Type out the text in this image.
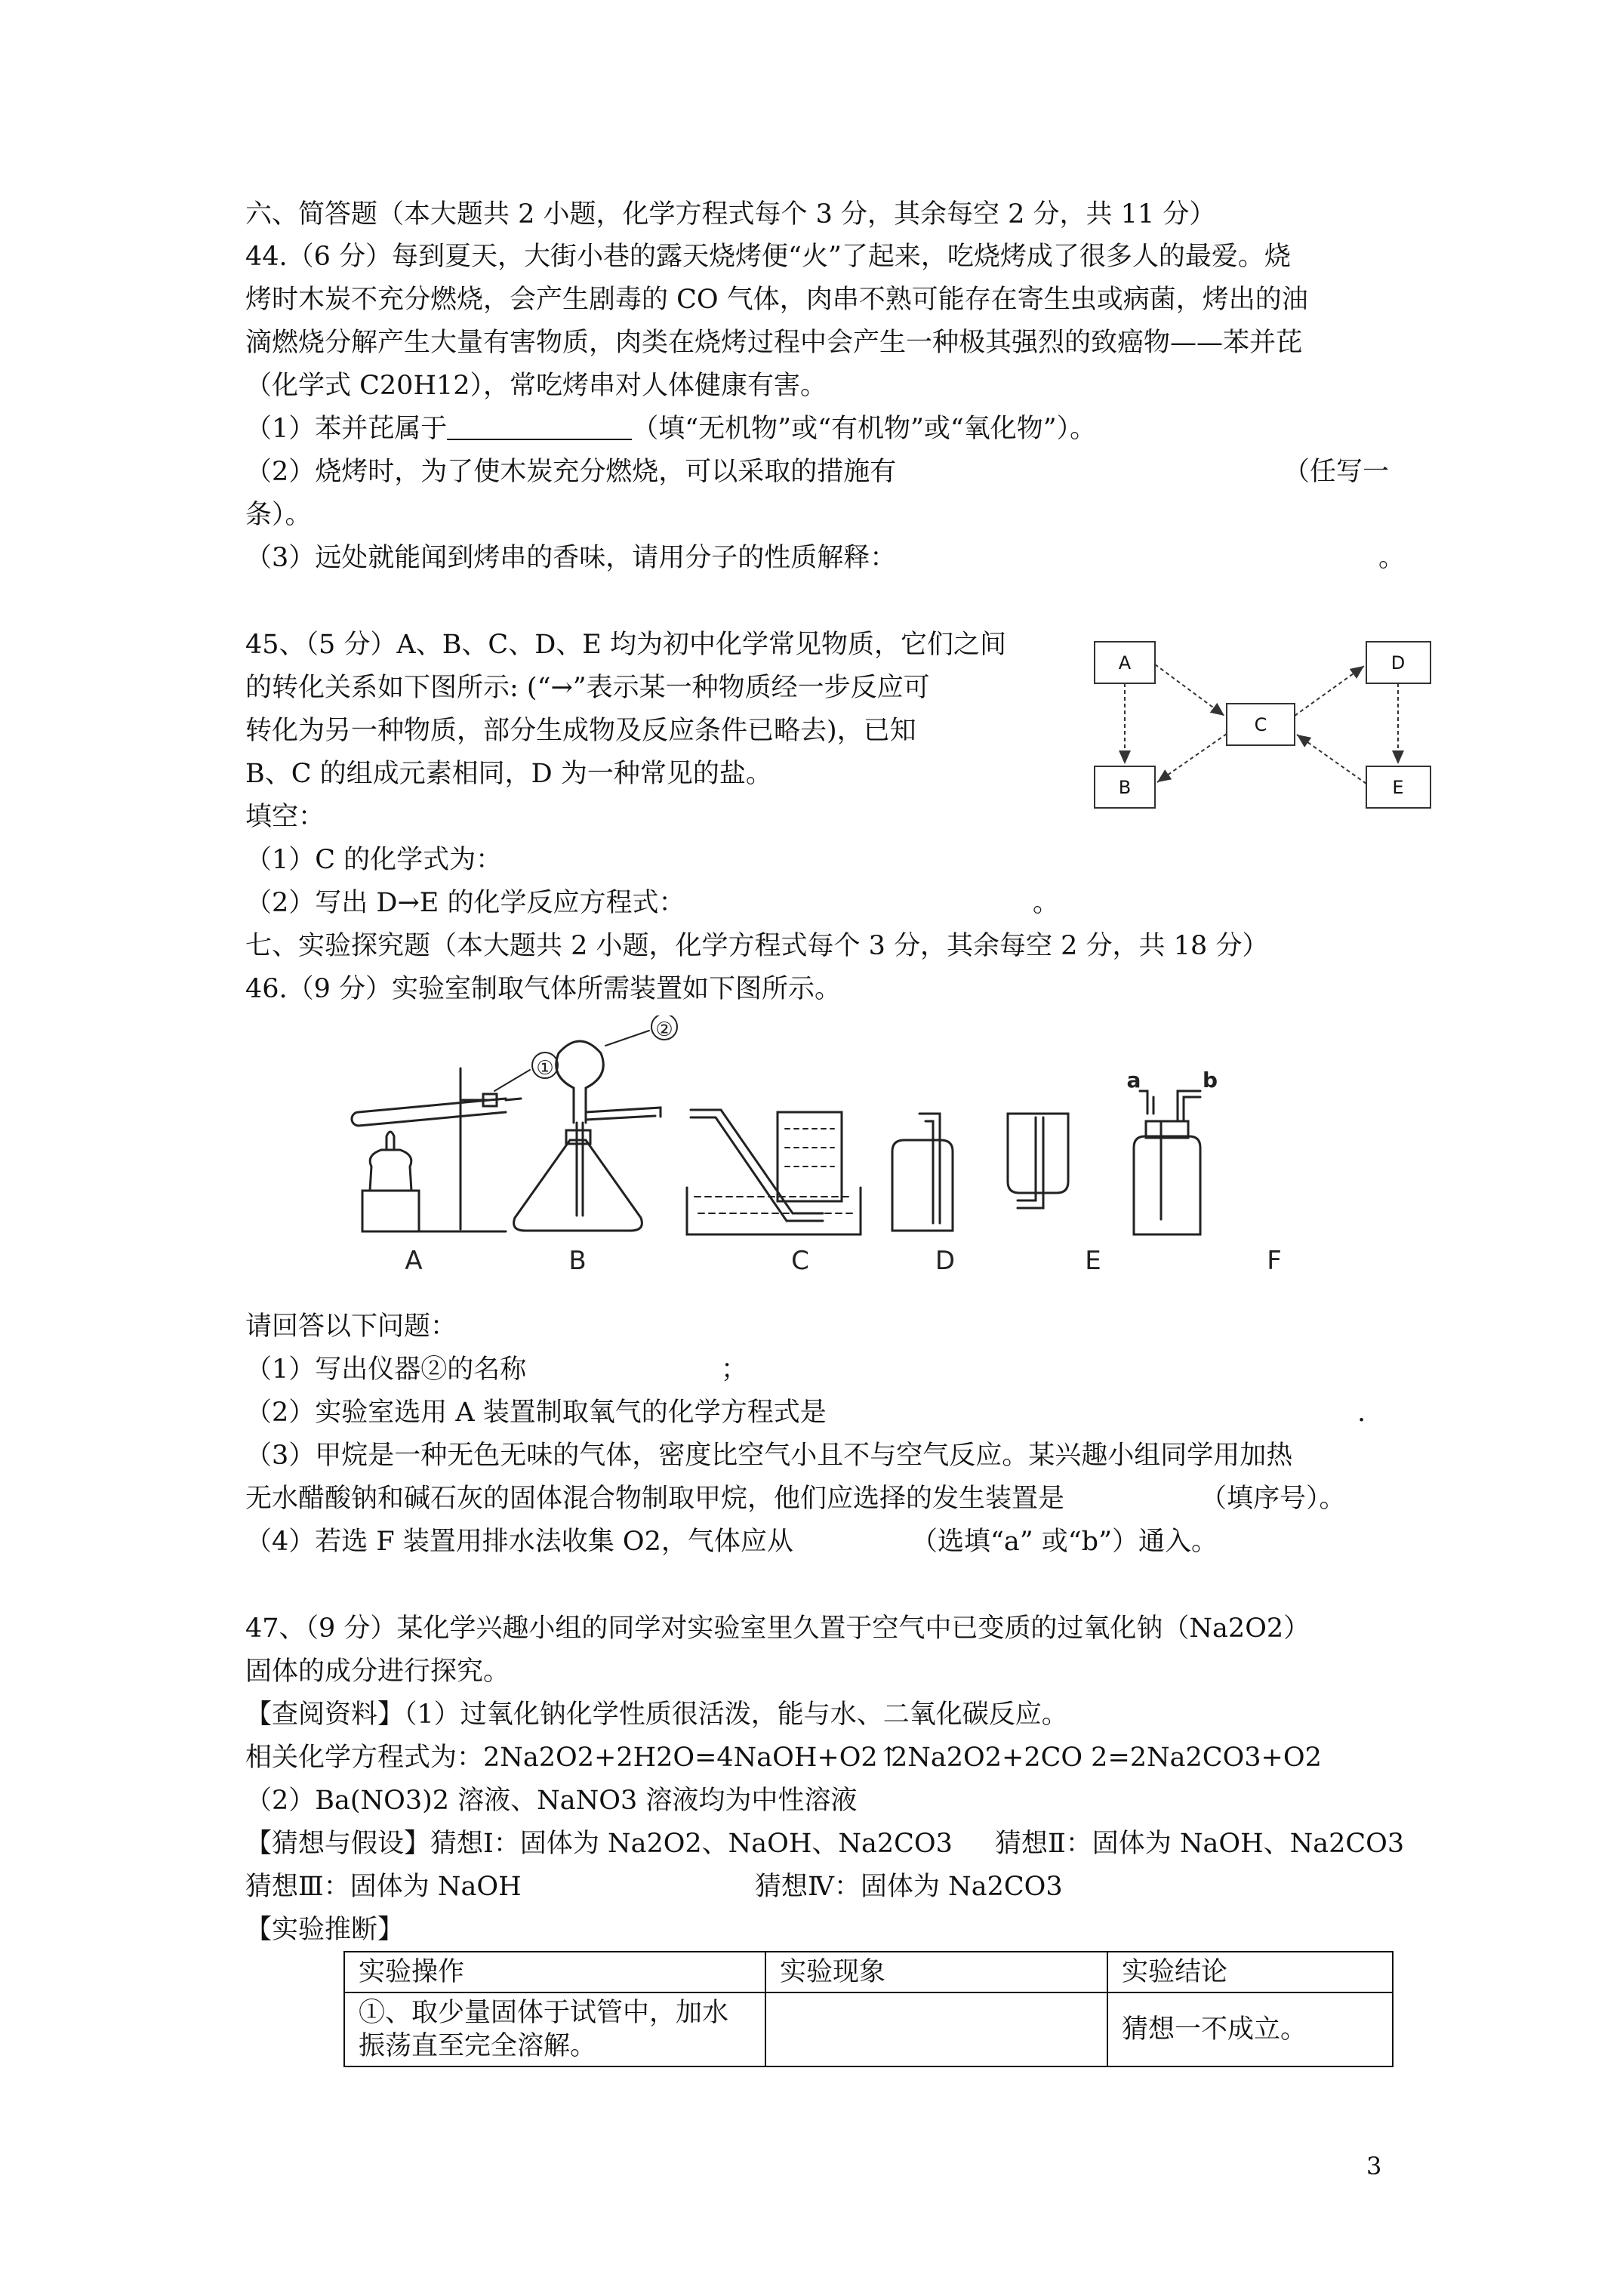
六、简答题（本大题共 2 小题，化学方程式每个 3 分，其余每空 2 分，共 11 分）
44.（6 分）每到夏天，大街小巷的露天烧烤便“火”了起来，吃烧烤成了很多人的最爱。烧
烤时木炭不充分燃烧，会产生剧毒的 CO 气体，肉串不熟可能存在寄生虫或病菌，烤出的油
滴燃烧分解产生大量有害物质，肉类在烧烤过程中会产生一种极其强烈的致癌物——苯并芘
（化学式 C20H12），常吃烤串对人体健康有害。
（1）苯并芘属于	（填“无机物”或“有机物”或“氧化物”）。
（2）烧烤时，为了使木炭充分燃烧，可以采取的措施有	（任写一
条）。
（3）远处就能闻到烤串的香味，请用分子的性质解释：	。
45、（5 分）A、B、C、D、E 均为初中化学常见物质，它们之间
的转化关系如下图所示: (“→”表示某一种物质经一步反应可
转化为另一种物质，部分生成物及反应条件已略去)，已知
B、C 的组成元素相同，D 为一种常见的盐。
填空：
（1）C 的化学式为：
（2）写出 D→E 的化学反应方程式：	。
A
B
C
D
E
七、实验探究题（本大题共 2 小题，化学方程式每个 3 分，其余每空 2 分，共 18 分）
46.（9 分）实验室制取气体所需装置如下图所示。
①
②
a	b
A	B	C	D	E	F
请回答以下问题：
（1）写出仪器②的名称	；
（2）实验室选用 A 装置制取氧气的化学方程式是	.
（3）甲烷是一种无色无味的气体，密度比空气小且不与空气反应。某兴趣小组同学用加热
无水醋酸钠和碱石灰的固体混合物制取甲烷，他们应选择的发生装置是	（填序号）。
（4）若选 F 装置用排水法收集 O2，气体应从	（选填“a” 或“b”）通入。
47、（9 分）某化学兴趣小组的同学对实验室里久置于空气中已变质的过氧化钠（Na2O2）
固体的成分进行探究。
【查阅资料】（1）过氧化钠化学性质很活泼，能与水、二氧化碳反应。
相关化学方程式为：2Na2O2+2H2O=4NaOH+O2↑
2Na2O2+2CO 2=2Na2CO3+O2
（2）Ba(NO3)2 溶液、NaNO3 溶液均为中性溶液
【猜想与假设】猜想Ⅰ：固体为 Na2O2、NaOH、Na2CO3 猜想Ⅱ：固体为 NaOH、Na2CO3
猜想Ⅲ：固体为 NaOH	猜想Ⅳ：固体为 Na2CO3
【实验推断】
实验操作	实验现象	实验结论

①、取少量固体于试管中，加水
振荡直至完全溶解。		猜想一不成立。
3
